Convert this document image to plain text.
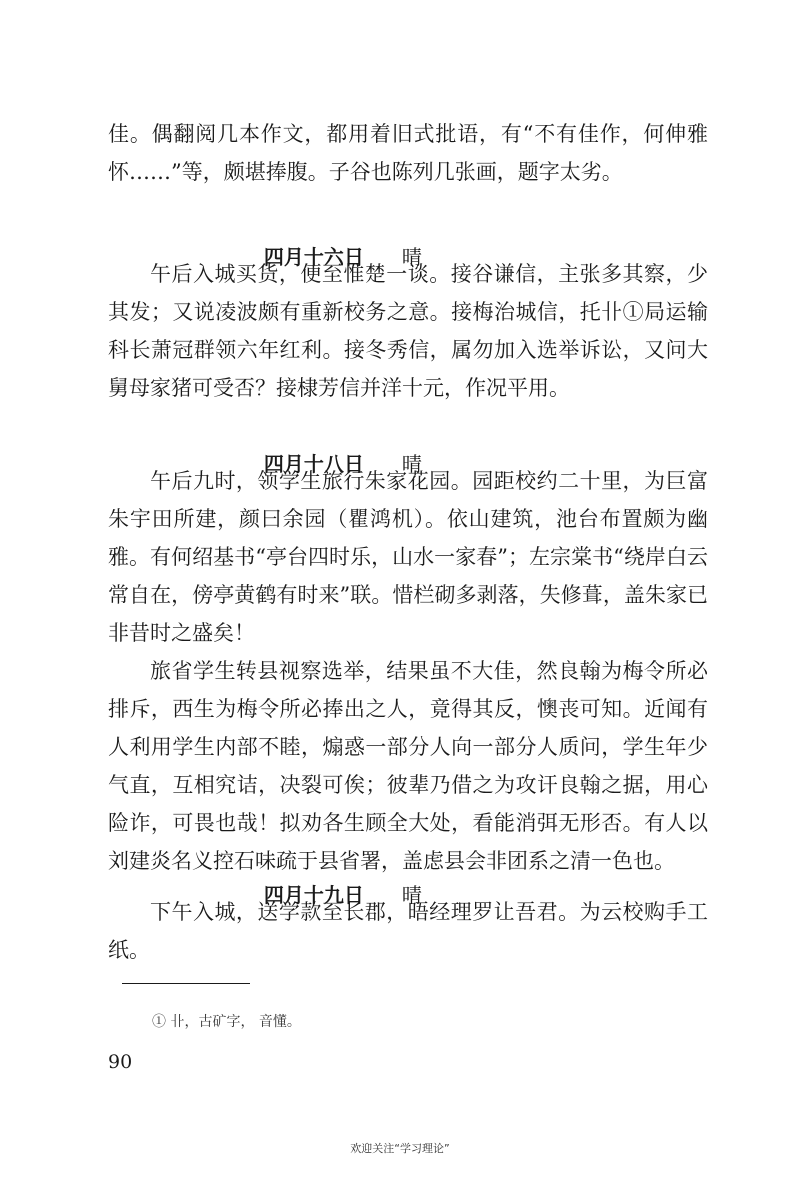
佳。偶翻阅几本作文，都用着旧式批语，有“不有佳作，何伸雅怀……”等，颇堪捧腹。子谷也陈列几张画，题字太劣。

四月十六日 晴

午后入城买货，便至惟楚一谈。接谷谦信，主张多其察，少其发；又说凌波颇有重新校务之意。接梅治城信，托卝①局运输科长萧冠群领六年红利。接冬秀信，属勿加入选举诉讼，又问大舅母家猪可受否？接棣芳信并洋十元，作况平用。

四月十八日 晴

午后九时，领学生旅行朱家花园。园距校约二十里，为巨富朱宇田所建，颜曰余园（瞿鸿机）。依山建筑，池台布置颇为幽雅。有何绍基书“亭台四时乐，山水一家春”；左宗棠书“绕岸白云常自在，傍亭黄鹤有时来”联。惜栏砌多剥落，失修葺，盖朱家已非昔时之盛矣！

旅省学生转县视察选举，结果虽不大佳，然良翰为梅令所必排斥，西生为梅令所必捧出之人，竟得其反，懊丧可知。近闻有人利用学生内部不睦，煽惑一部分人向一部分人质问，学生年少气直，互相究诘，决裂可俟；彼辈乃借之为攻讦良翰之据，用心险诈，可畏也哉！拟劝各生顾全大处，看能消弭无形否。有人以刘建炎名义控石味疏于县省署，盖虑县会非团系之清一色也。

四月十九日 晴

下午入城，送学款至长郡，晤经理罗让吾君。为云校购手工纸。

① 卝，古矿字， 音懂。
90
欢迎关注“学习理论”
